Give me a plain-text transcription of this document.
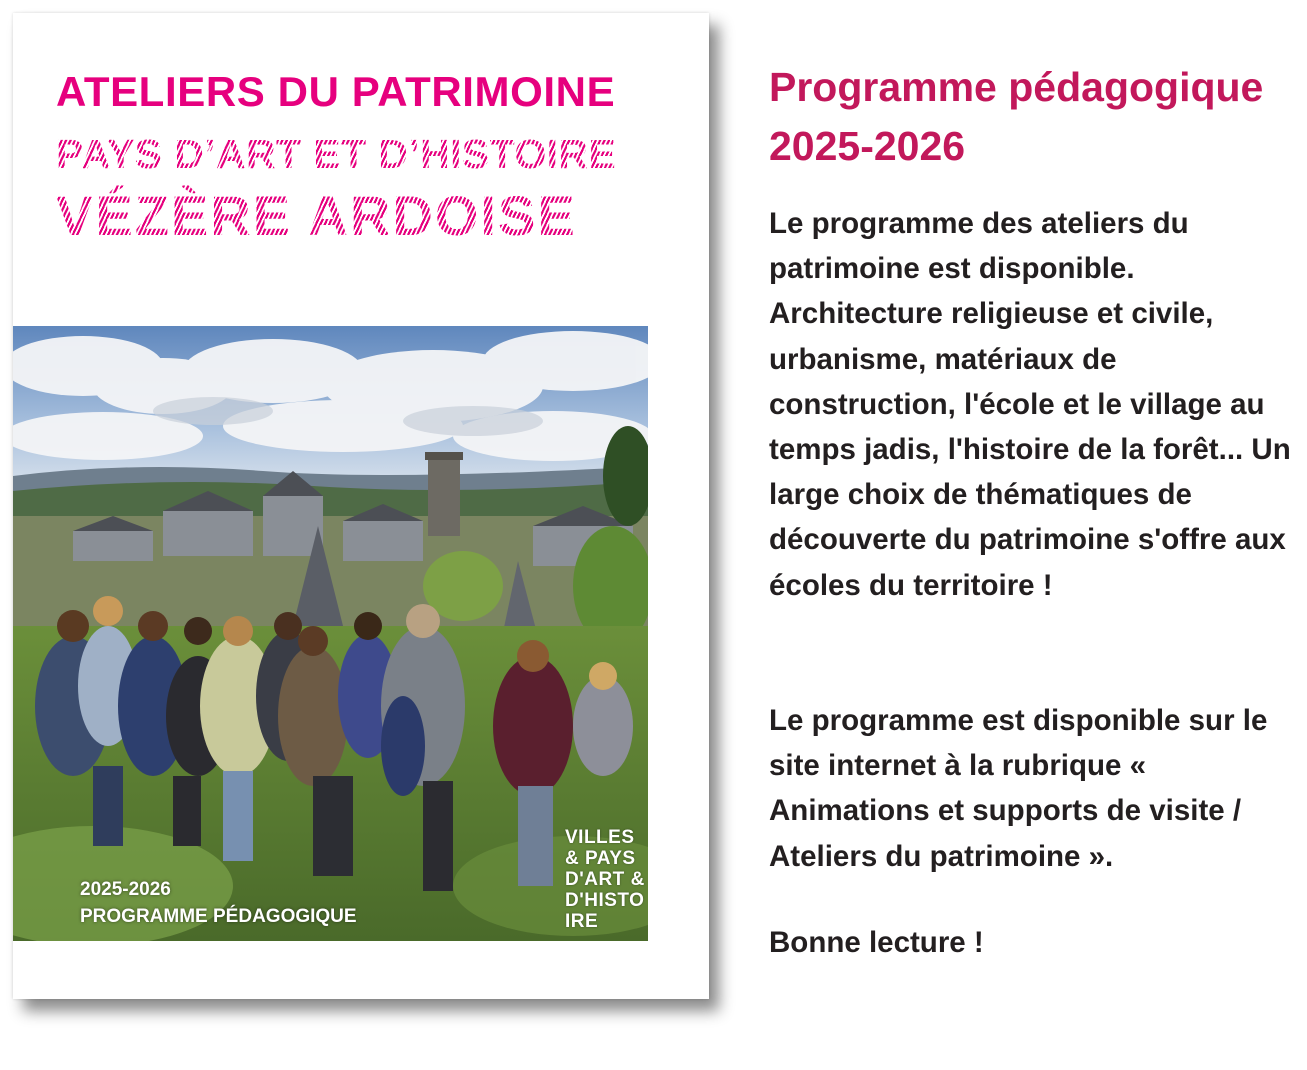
ATELIERS DU PATRIMOINE
PAYS D’ART ET D’HISTOIRE
VÉZÈRE ARDOISE

2025-2026

PROGRAMME PÉDAGOGIQUE

VILLES
& PAYS
D'ART &
D'HISTO
IRE

Programme pédagogique 2025-2026

Le programme des ateliers du patrimoine est disponible. Architecture religieuse et civile, urbanisme, matériaux de construction, l'école et le village au temps jadis, l'histoire de la forêt... Un large choix de thématiques de découverte du patrimoine s'offre aux écoles du territoire !

Le programme est disponible sur le site internet à la rubrique « Animations et supports de visite / Ateliers du patrimoine ».

Bonne lecture !
